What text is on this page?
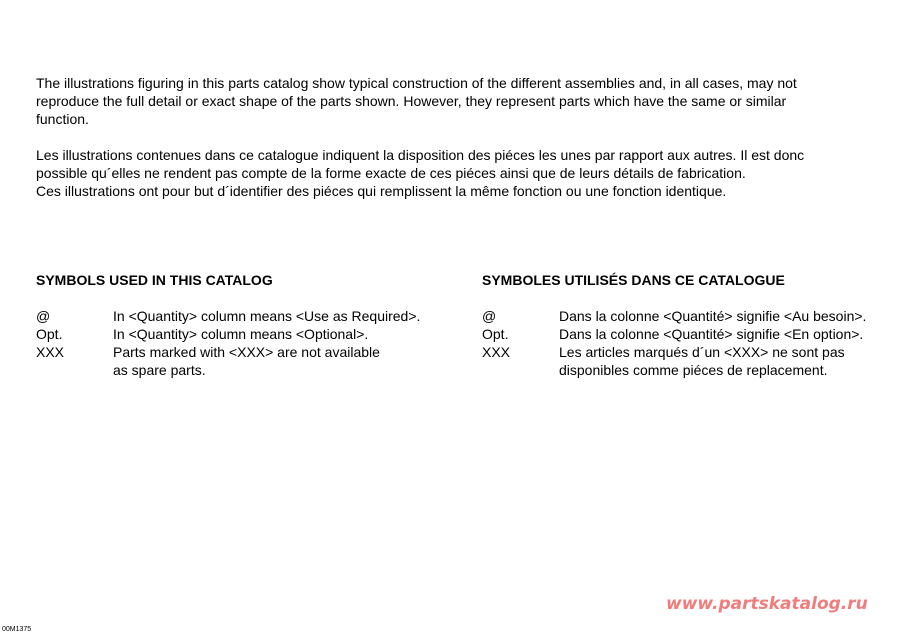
The illustrations figuring in this parts catalog show typical construction of the different assemblies and, in all cases, may not
reproduce the full detail or exact shape of the parts shown. However, they represent parts which have the same or similar
function.
Les illustrations contenues dans ce catalogue indiquent la disposition des piéces les unes par rapport aux autres. Il est donc
possible qu´elles ne rendent pas compte de la forme exacte de ces piéces ainsi que de leurs détails de fabrication.
Ces illustrations ont pour but d´identifier des piéces qui remplissent la même fonction ou une fonction identique.
SYMBOLS USED IN THIS CATALOG	SYMBOLES UTILISÉS DANS CE CATALOGUE
@	In <Quantity> column means <Use as Required>.
Opt.	In <Quantity> column means <Optional>.
XXX	Parts marked with <XXX> are not available
as spare parts.
@	Dans la colonne <Quantité> signifie <Au besoin>.
Opt.	Dans la colonne <Quantité> signifie <En option>.
XXX	Les articles marqués d´un <XXX> ne sont pas
disponibles comme piéces de replacement.
www.partskatalog.ru
00M1375
